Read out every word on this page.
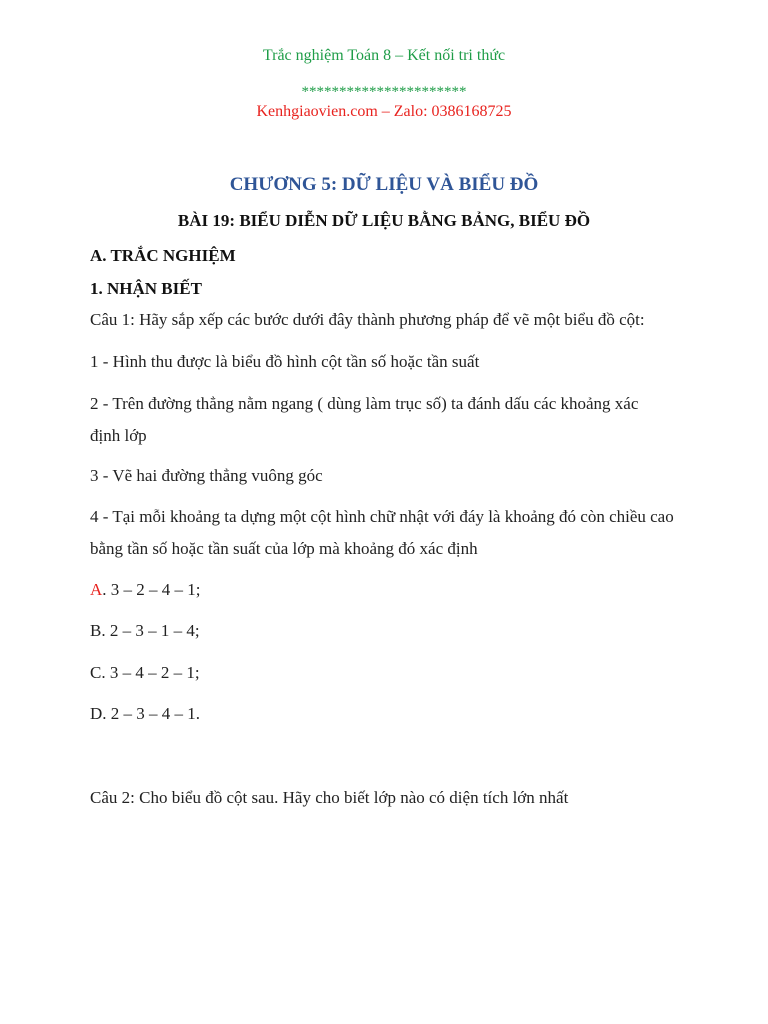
Trắc nghiệm Toán 8 – Kết nối tri thức
**********************
Kenhgiaovien.com – Zalo: 0386168725
CHƯƠNG 5: DỮ LIỆU VÀ BIỂU ĐỒ
BÀI 19: BIỂU DIỄN DỮ LIỆU BẰNG BẢNG, BIỂU ĐỒ
A. TRẮC NGHIỆM
1. NHẬN BIẾT
Câu 1: Hãy sắp xếp các bước dưới đây thành phương pháp để vẽ một biểu đồ cột:
1 - Hình thu được là biểu đồ hình cột tần số hoặc tần suất
2 - Trên đường thẳng nằm ngang ( dùng làm trục số) ta đánh dấu các khoảng xác định lớp
3 - Vẽ hai đường thẳng vuông góc
4 - Tại mỗi khoảng ta dựng một cột hình chữ nhật với đáy là khoảng đó còn chiều cao bằng tần số hoặc tần suất của lớp mà khoảng đó xác định
A. 3 – 2 – 4 – 1;
B. 2 – 3 – 1 – 4;
C. 3 – 4 – 2 – 1;
D. 2 – 3 – 4 – 1.
Câu 2: Cho biểu đồ cột sau. Hãy cho biết lớp nào có diện tích lớn nhất
